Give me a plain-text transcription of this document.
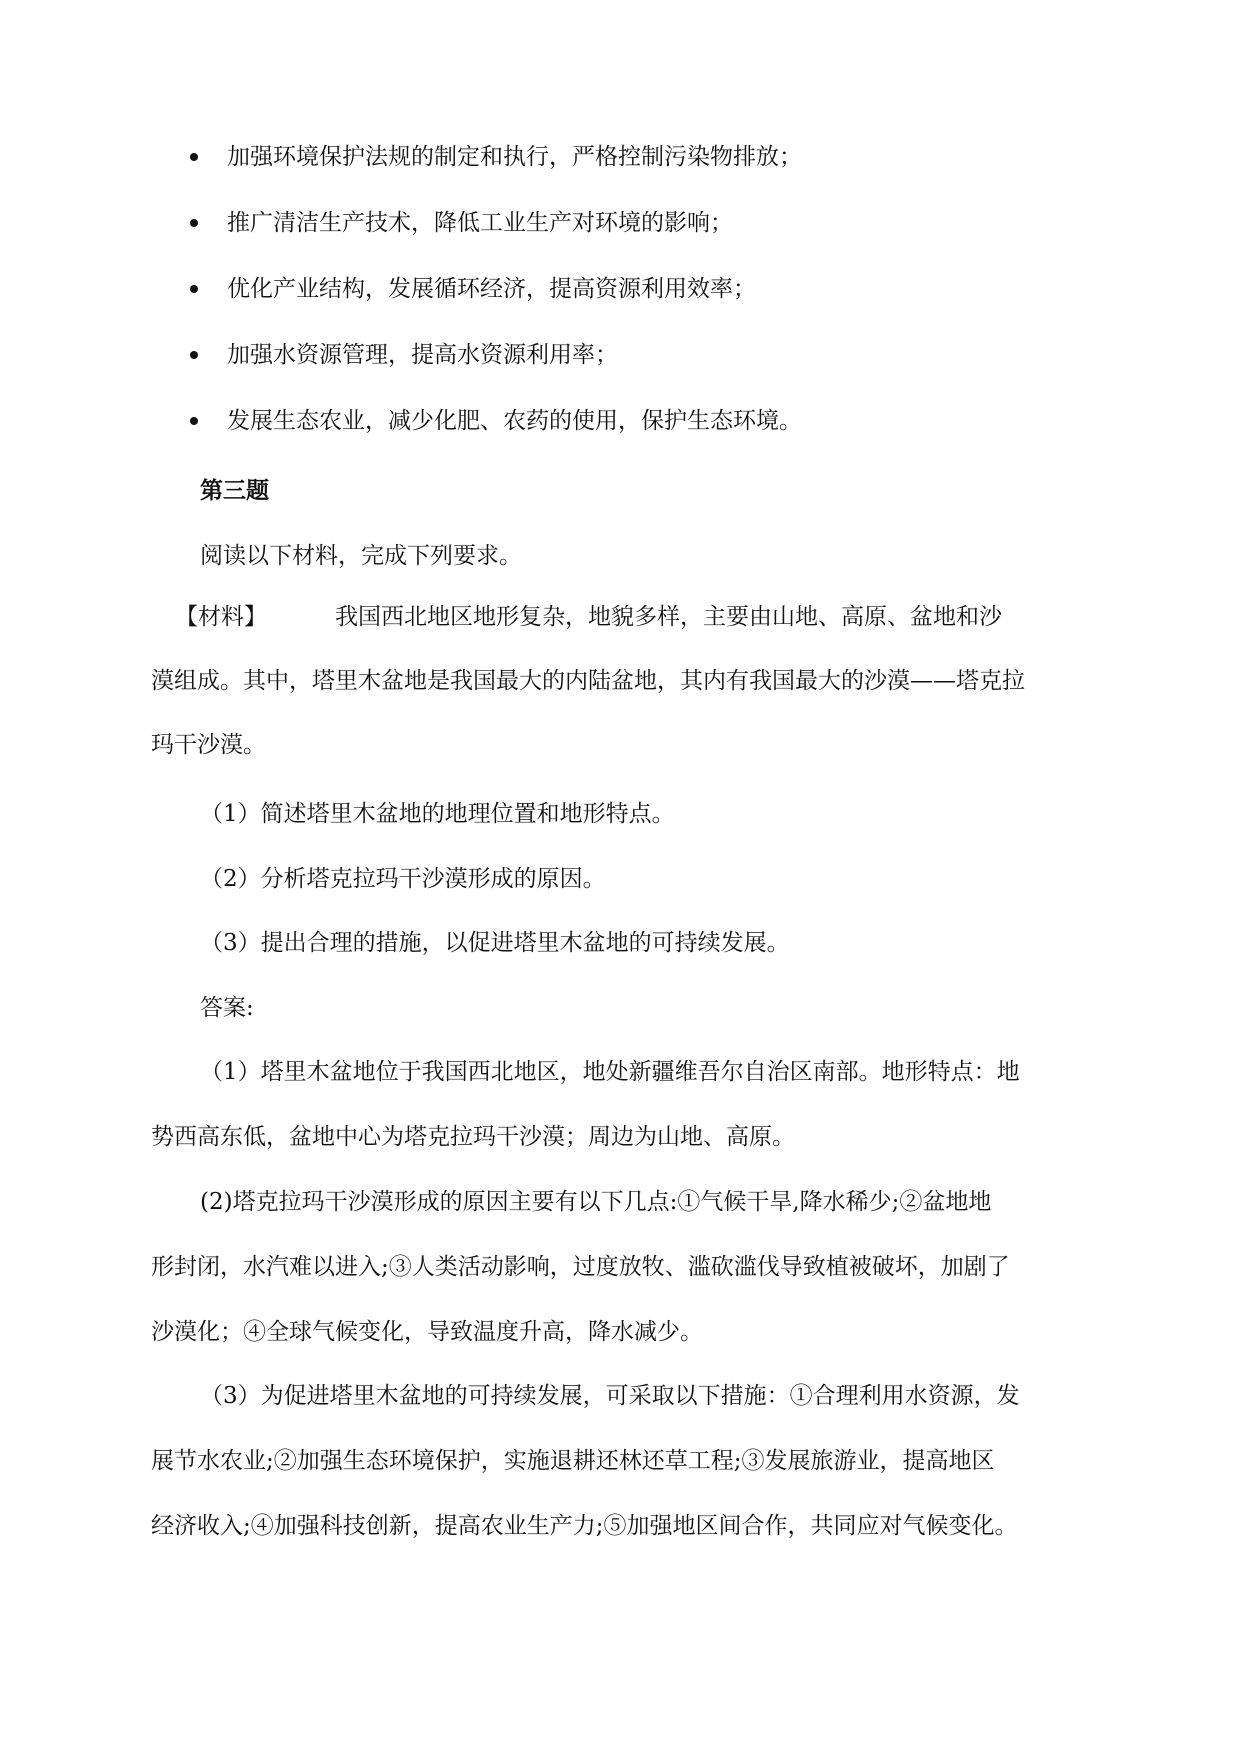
加强环境保护法规的制定和执行，严格控制污染物排放；
推广清洁生产技术，降低工业生产对环境的影响；
优化产业结构，发展循环经济，提高资源利用效率；
加强水资源管理，提高水资源利用率；
发展生态农业，减少化肥、农药的使用，保护生态环境。
第三题
阅读以下材料，完成下列要求。
【材料】	我国西北地区地形复杂，地貌多样，主要由山地、高原、盆地和沙
漠组成。其中，塔里木盆地是我国最大的内陆盆地，其内有我国最大的沙漠——塔克拉
玛干沙漠。
（1）简述塔里木盆地的地理位置和地形特点。
（2）分析塔克拉玛干沙漠形成的原因。
（3）提出合理的措施，以促进塔里木盆地的可持续发展。
答案:
（1）塔里木盆地位于我国西北地区，地处新疆维吾尔自治区南部。地形特点：地
势西高东低，盆地中心为塔克拉玛干沙漠；周边为山地、高原。
(2)塔克拉玛干沙漠形成的原因主要有以下几点:①气候干旱,降水稀少;②盆地地
形封闭，水汽难以进入;③人类活动影响，过度放牧、滥砍滥伐导致植被破坏，加剧了
沙漠化；④全球气候变化，导致温度升高，降水减少。
（3）为促进塔里木盆地的可持续发展，可采取以下措施：①合理利用水资源，发
展节水农业;②加强生态环境保护，实施退耕还林还草工程;③发展旅游业，提高地区
经济收入;④加强科技创新，提高农业生产力;⑤加强地区间合作，共同应对气候变化。
